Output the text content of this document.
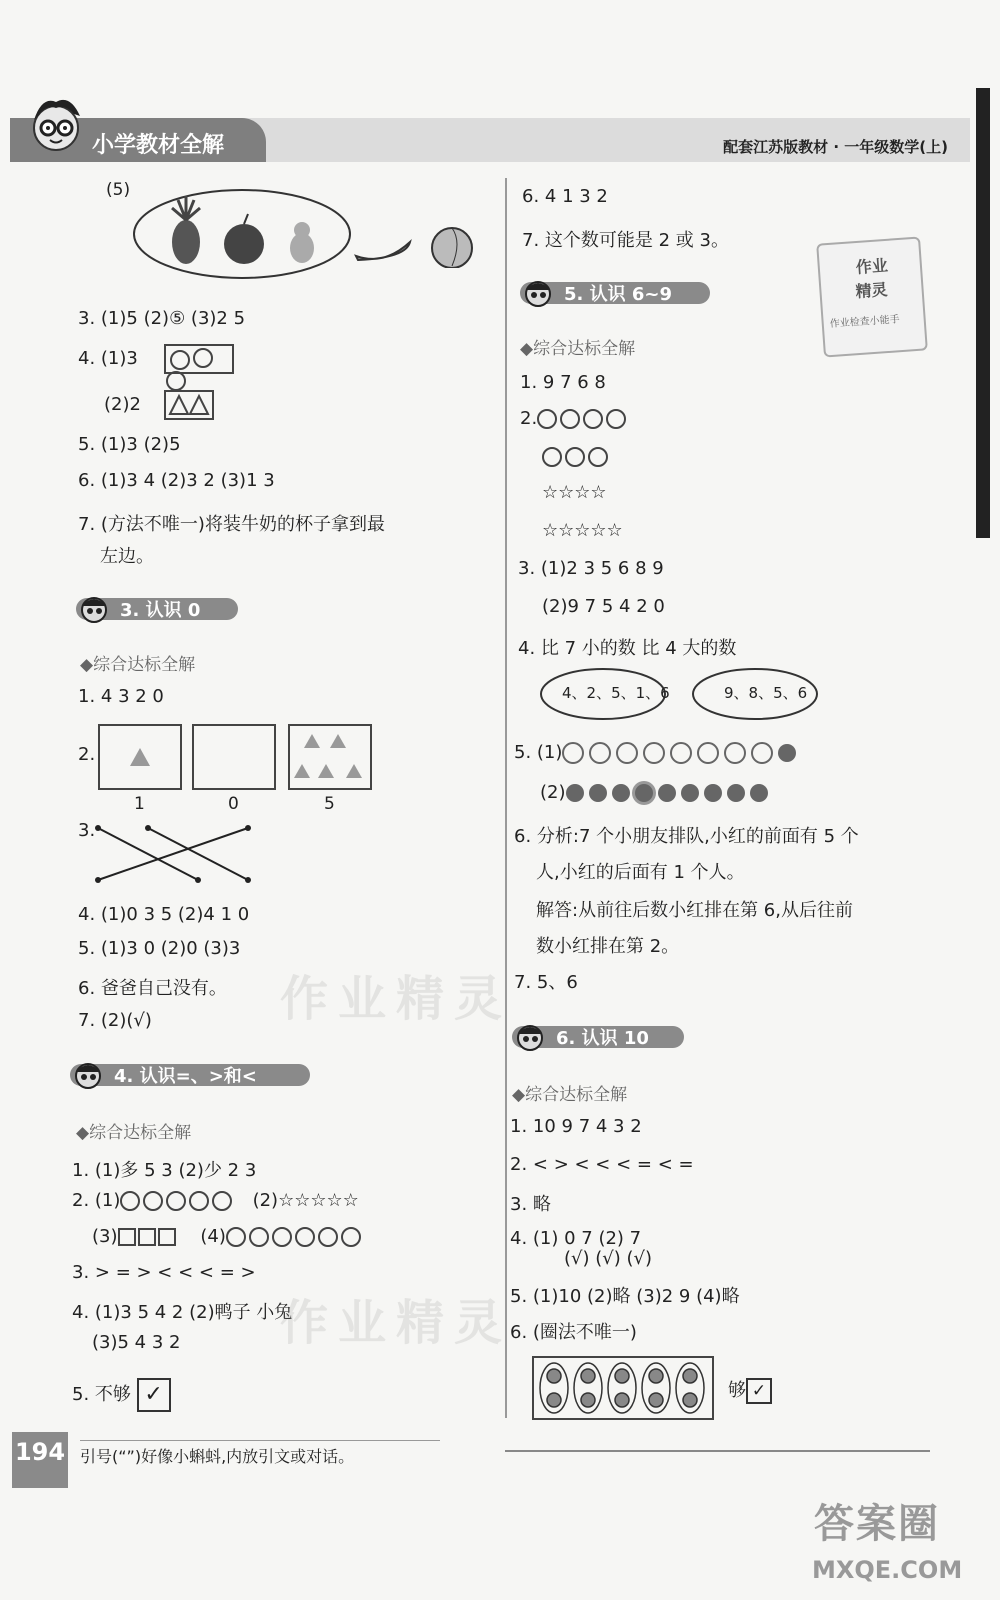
小学教材全解	配套江苏版教材 · 一年级数学(上)
(5)
3. (1)5 (2)⑤ (3)2 5
4. (1)3
(2)2
5. (1)3 (2)5
6. (1)3 4 (2)3 2 (3)1 3
7. (方法不唯一)将装牛奶的杯子拿到最
左边。
3. 认识 0
◆综合达标全解
1. 4 3 2 0
2.
1	0	5
3.
4. (1)0 3 5 (2)4 1 0
5. (1)3 0 (2)0 (3)3
6. 爸爸自己没有。
7. (2)(√)
4. 认识=、>和<
◆综合达标全解
1. (1)多 5 3 (2)少 2 3
2. (1)	(2)☆☆☆☆☆
(3)	(4)
3. > = > < < < = >
4. (1)3 5 4 2 (2)鸭子 小兔
(3)5 4 3 2
5. 不够 ✓
6. 4 1 3 2
7. 这个数可能是 2 或 3。
作业
精灵
作业检查小能手
5. 认识 6~9
◆综合达标全解
1. 9 7 6 8
2.
☆☆☆☆
☆☆☆☆☆
3. (1)2 3 5 6 8 9
(2)9 7 5 4 2 0
4. 比 7 小的数 比 4 大的数
4、2、5、1、6	9、8、5、6
5. (1)
(2)
6. 分析:7 个小朋友排队,小红的前面有 5 个
人,小红的后面有 1 个人。
解答:从前往后数小红排在第 6,从后往前
数小红排在第 2。
7. 5、6
6. 认识 10
◆综合达标全解
1. 10 9 7 4 3 2
2. < > < < < = < =
3. 略
4. (1) 0 7 (2) 7
(√) (√) (√)
5. (1)10 (2)略 (3)2 9 (4)略
6. (圈法不唯一)
够 ✓
作业精灵
作业精灵
194 引号(“”)好像小蝌蚪,内放引文或对话。
答案圈
MXQE.COM
